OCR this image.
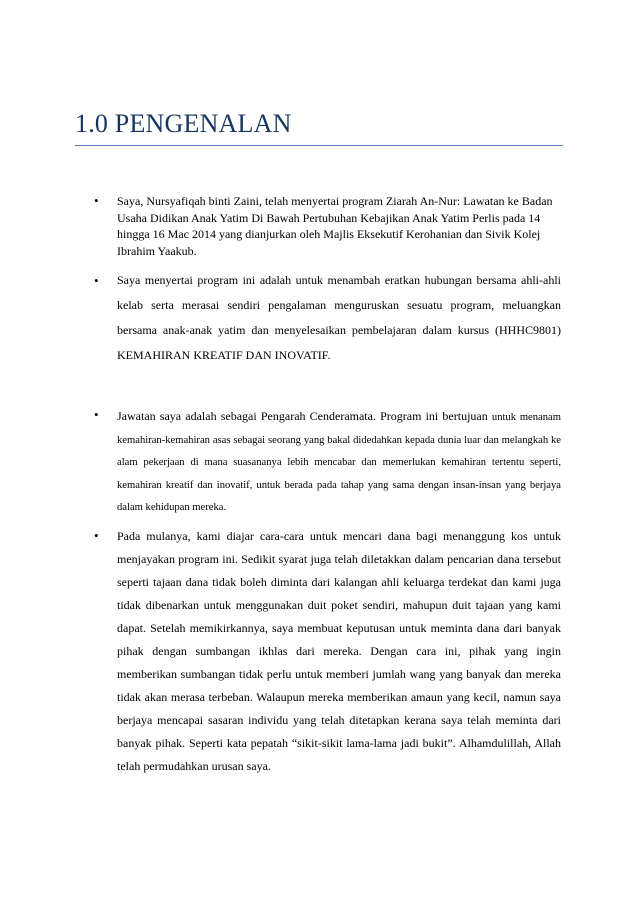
1.0 PENGENALAN
• Saya, Nursyafiqah binti Zaini, telah menyertai program Ziarah An-Nur: Lawatan ke Badan Usaha Didikan Anak Yatim Di Bawah Pertubuhan Kebajikan Anak Yatim Perlis pada 14 hingga 16 Mac 2014 yang dianjurkan oleh Majlis Eksekutif Kerohanian dan Sivik Kolej Ibrahim Yaakub.

• Saya menyertai program ini adalah untuk menambah eratkan hubungan bersama ahli-ahli kelab serta merasai sendiri pengalaman menguruskan sesuatu program, meluangkan bersama anak-anak yatim dan menyelesaikan pembelajaran dalam kursus (HHHC9801) KEMAHIRAN KREATIF DAN INOVATIF.

• Jawatan saya adalah sebagai Pengarah Cenderamata. Program ini bertujuan untuk menanam kemahiran-kemahiran asas sebagai seorang yang bakal didedahkan kepada dunia luar dan melangkah ke alam pekerjaan di mana suasananya lebih mencabar dan memerlukan kemahiran tertentu seperti, kemahiran kreatif dan inovatif, untuk berada pada tahap yang sama dengan insan-insan yang berjaya dalam kehidupan mereka.

• Pada mulanya, kami diajar cara-cara untuk mencari dana bagi menanggung kos untuk menjayakan program ini. Sedikit syarat juga telah diletakkan dalam pencarian dana tersebut seperti tajaan dana tidak boleh diminta dari kalangan ahli keluarga terdekat dan kami juga tidak dibenarkan untuk menggunakan duit poket sendiri, mahupun duit tajaan yang kami dapat. Setelah memikirkannya, saya membuat keputusan untuk meminta dana dari banyak pihak dengan sumbangan ikhlas dari mereka. Dengan cara ini, pihak yang ingin memberikan sumbangan tidak perlu untuk memberi jumlah wang yang banyak dan mereka tidak akan merasa terbeban. Walaupun mereka memberikan amaun yang kecil, namun saya berjaya mencapai sasaran individu yang telah ditetapkan kerana saya telah meminta dari banyak pihak. Seperti kata pepatah “sikit-sikit lama-lama jadi bukit”. Alhamdulillah, Allah telah permudahkan urusan saya.
